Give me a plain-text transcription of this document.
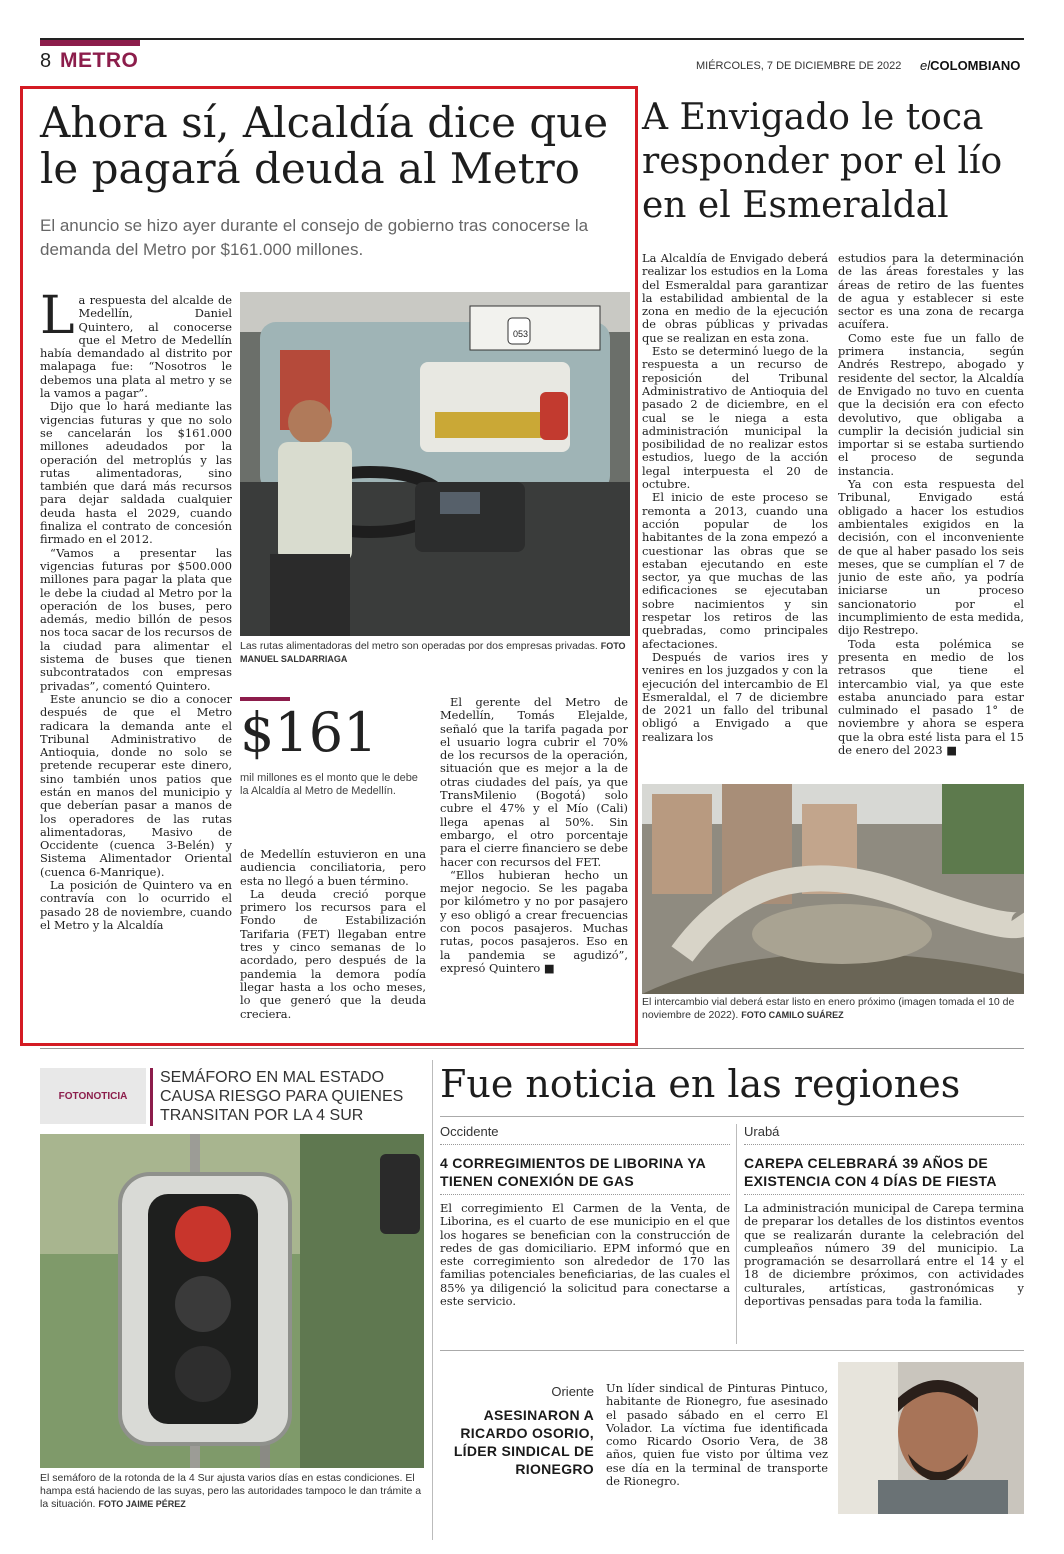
8 METRO	MIÉRCOLES, 7 DE DICIEMBRE DE 2022 elCOLOMBIANO
Ahora sí, Alcaldía dice que le pagará deuda al Metro
El anuncio se hizo ayer durante el consejo de gobierno tras conocerse la demanda del Metro por $161.000 millones.

La respuesta del alcalde de Medellín, Daniel Quintero, al conocerse que el Metro de Medellín había demandado al distrito por malapaga fue: “Nosotros le debemos una plata al metro y se la vamos a pagar”.

Dijo que lo hará mediante las vigencias futuras y que no solo se cancelarán los $161.000 millones adeudados por la operación del metroplús y las rutas alimentadoras, sino también que dará más recursos para dejar saldada cualquier deuda hasta el 2029, cuando finaliza el contrato de concesión firmado en el 2012.

“Vamos a presentar las vigencias futuras por $500.000 millones para pagar la plata que le debe la ciudad al Metro por la operación de los buses, pero además, medio billón de pesos nos toca sacar de los recursos de la ciudad para alimentar el sistema de buses que tienen subcontratados con empresas privadas”, comentó Quintero.

Este anuncio se dio a conocer después de que el Metro radicara la demanda ante el Tribunal Administrativo de Antioquia, donde no solo se pretende recuperar este dinero, sino también unos patios que están en manos del municipio y que deberían pasar a manos de los operadores de las rutas alimentadoras, Masivo de Occidente (cuenca 3-Belén) y Sistema Alimentador Oriental (cuenca 6-Manrique).

La posición de Quintero va en contravía con lo ocurrido el pasado 28 de noviembre, cuando el Metro y la Alcaldía

053
Las rutas alimentadoras del metro son operadas por dos empresas privadas. FOTO MANUEL SALDARRIAGA
$161
mil millones es el monto que le debe la Alcaldía al Metro de Medellín.

de Medellín estuvieron en una audiencia conciliatoria, pero esta no llegó a buen término.

La deuda creció porque primero los recursos para el Fondo de Estabilización Tarifaria (FET) llegaban entre tres y cinco semanas de lo acordado, pero después de la pandemia la demora podía llegar hasta a los ocho meses, lo que generó que la deuda creciera.

El gerente del Metro de Medellín, Tomás Elejalde, señaló que la tarifa pagada por el usuario logra cubrir el 70% de los recursos de la operación, situación que es mejor a la de otras ciudades del país, ya que TransMilenio (Bogotá) solo cubre el 47% y el Mío (Cali) llega apenas al 50%. Sin embargo, el otro porcentaje para el cierre financiero se debe hacer con recursos del FET.

“Ellos hubieran hecho un mejor negocio. Se les pagaba por kilómetro y no por pasajero y eso obligó a crear frecuencias con pocos pasajeros. Muchas rutas, pocos pasajeros. Eso en la pandemia se agudizó”, expresó Quintero ■

A Envigado le toca responder por el lío en el Esmeraldal

La Alcaldía de Envigado deberá realizar los estudios en la Loma del Esmeraldal para garantizar la estabilidad ambiental de la zona en medio de la ejecución de obras públicas y privadas que se realizan en esta zona.

Esto se determinó luego de la respuesta a un recurso de reposición del Tribunal Administrativo de Antioquia del pasado 2 de diciembre, en el cual se le niega a esta administración municipal la posibilidad de no realizar estos estudios, luego de la acción legal interpuesta el 20 de octubre.

El inicio de este proceso se remonta a 2013, cuando una acción popular de los habitantes de la zona empezó a cuestionar las obras que se estaban ejecutando en este sector, ya que muchas de las edificaciones se ejecutaban sobre nacimientos y sin respetar los retiros de las quebradas, como principales afectaciones.

Después de varios ires y venires en los juzgados y con la ejecución del intercambio de El Esmeraldal, el 7 de diciembre de 2021 un fallo del tribunal obligó a Envigado a que realizara los

estudios para la determinación de las áreas forestales y las áreas de retiro de las fuentes de agua y establecer si este sector es una zona de recarga acuífera.

Como este fue un fallo de primera instancia, según Andrés Restrepo, abogado y residente del sector, la Alcaldía de Envigado no tuvo en cuenta que la decisión era con efecto devolutivo, que obligaba a cumplir la decisión judicial sin importar si se estaba surtiendo el proceso de segunda instancia.

Ya con esta respuesta del Tribunal, Envigado está obligado a hacer los estudios ambientales exigidos en la decisión, con el inconveniente de que al haber pasado los seis meses, que se cumplían el 7 de junio de este año, ya podría iniciarse un proceso sancionatorio por el incumplimiento de esta medida, dijo Restrepo.

Toda esta polémica se presenta en medio de los retrasos que tiene el intercambio vial, ya que este estaba anunciado para estar culminado el pasado 1° de noviembre y ahora se espera que la obra esté lista para el 15 de enero del 2023 ■

El intercambio vial deberá estar listo en enero próximo (imagen tomada el 10 de noviembre de 2022). FOTO CAMILO SUÁREZ
FOTONOTICIA
SEMÁFORO EN MAL ESTADO CAUSA RIESGO PARA QUIENES TRANSITAN POR LA 4 SUR
El semáforo de la rotonda de la 4 Sur ajusta varios días en estas condiciones. El hampa está haciendo de las suyas, pero las autoridades tampoco le dan trámite a la situación. FOTO JAIME PÉREZ
Fue noticia en las regiones
Occidente
4 CORREGIMIENTOS DE LIBORINA YA TIENEN CONEXIÓN DE GAS

El corregimiento El Carmen de la Venta, de Liborina, es el cuarto de ese municipio en el que los hogares se benefician con la construcción de redes de gas domiciliario. EPM informó que en este corregimiento son alrededor de 170 las familias potenciales beneficiarias, de las cuales el 85% ya diligenció la solicitud para conectarse a este servicio.

Urabá
CAREPA CELEBRARÁ 39 AÑOS DE EXISTENCIA CON 4 DÍAS DE FIESTA

La administración municipal de Carepa termina de preparar los detalles de los distintos eventos que se realizarán durante la celebración del cumpleaños número 39 del municipio. La programación se desarrollará entre el 14 y el 18 de diciembre próximos, con actividades culturales, artísticas, gastronómicas y deportivas pensadas para toda la familia.

Oriente
ASESINARON A RICARDO OSORIO, LÍDER SINDICAL DE RIONEGRO

Un líder sindical de Pinturas Pintuco, habitante de Rionegro, fue asesinado el pasado sábado en el cerro El Volador. La víctima fue identificada como Ricardo Osorio Vera, de 38 años, quien fue visto por última vez ese día en la terminal de transporte de Rionegro.
